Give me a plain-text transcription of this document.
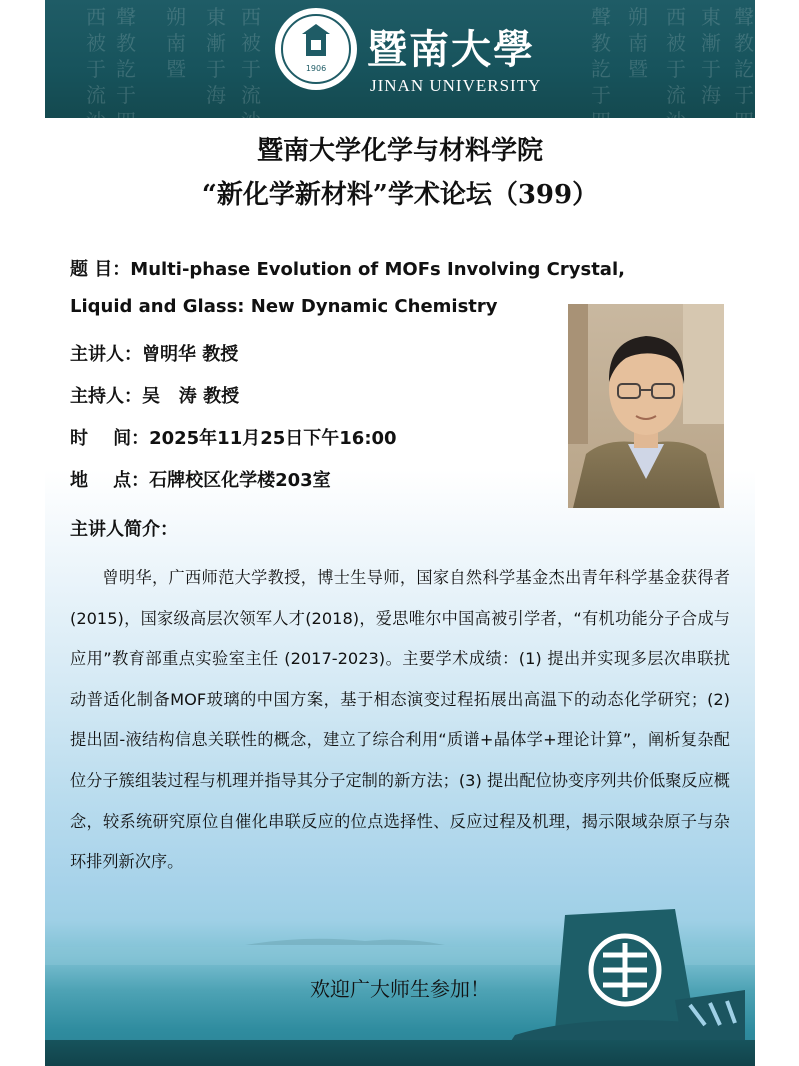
西被于流沙
聲教訖于四
朔南暨
東漸于海
西被于流沙
聲教訖于四
朔南暨
西被于流沙
東漸于海
聲教訖于四
1906	暨南大學
JINAN UNIVERSITY
暨南大学化学与材料学院
“新化学新材料”学术论坛（399）
题 目：Multi-phase Evolution of MOFs Involving Crystal,
Liquid and Glass: New Dynamic Chemistry
主讲人：曾明华 教授
主持人：吴   涛 教授
时    间：2025年11月25日下午16:00
地    点：石牌校区化学楼203室
主讲人简介：
曾明华，广西师范大学教授，博士生导师，国家自然科学基金杰出青年科学基金获得者(2015)，国家级高层次领军人才(2018)，爱思唯尔中国高被引学者，“有机功能分子合成与应用”教育部重点实验室主任 (2017-2023)。主要学术成绩：(1) 提出并实现多层次串联扰动普适化制备MOF玻璃的中国方案，基于相态演变过程拓展出高温下的动态化学研究；(2) 提出固-液结构信息关联性的概念，建立了综合利用“质谱+晶体学+理论计算”，阐析复杂配位分子簇组装过程与机理并指导其分子定制的新方法；(3) 提出配位协变序列共价低聚反应概念，较系统研究原位自催化串联反应的位点选择性、反应过程及机理，揭示限域杂原子与杂环排列新次序。
欢迎广大师生参加！
